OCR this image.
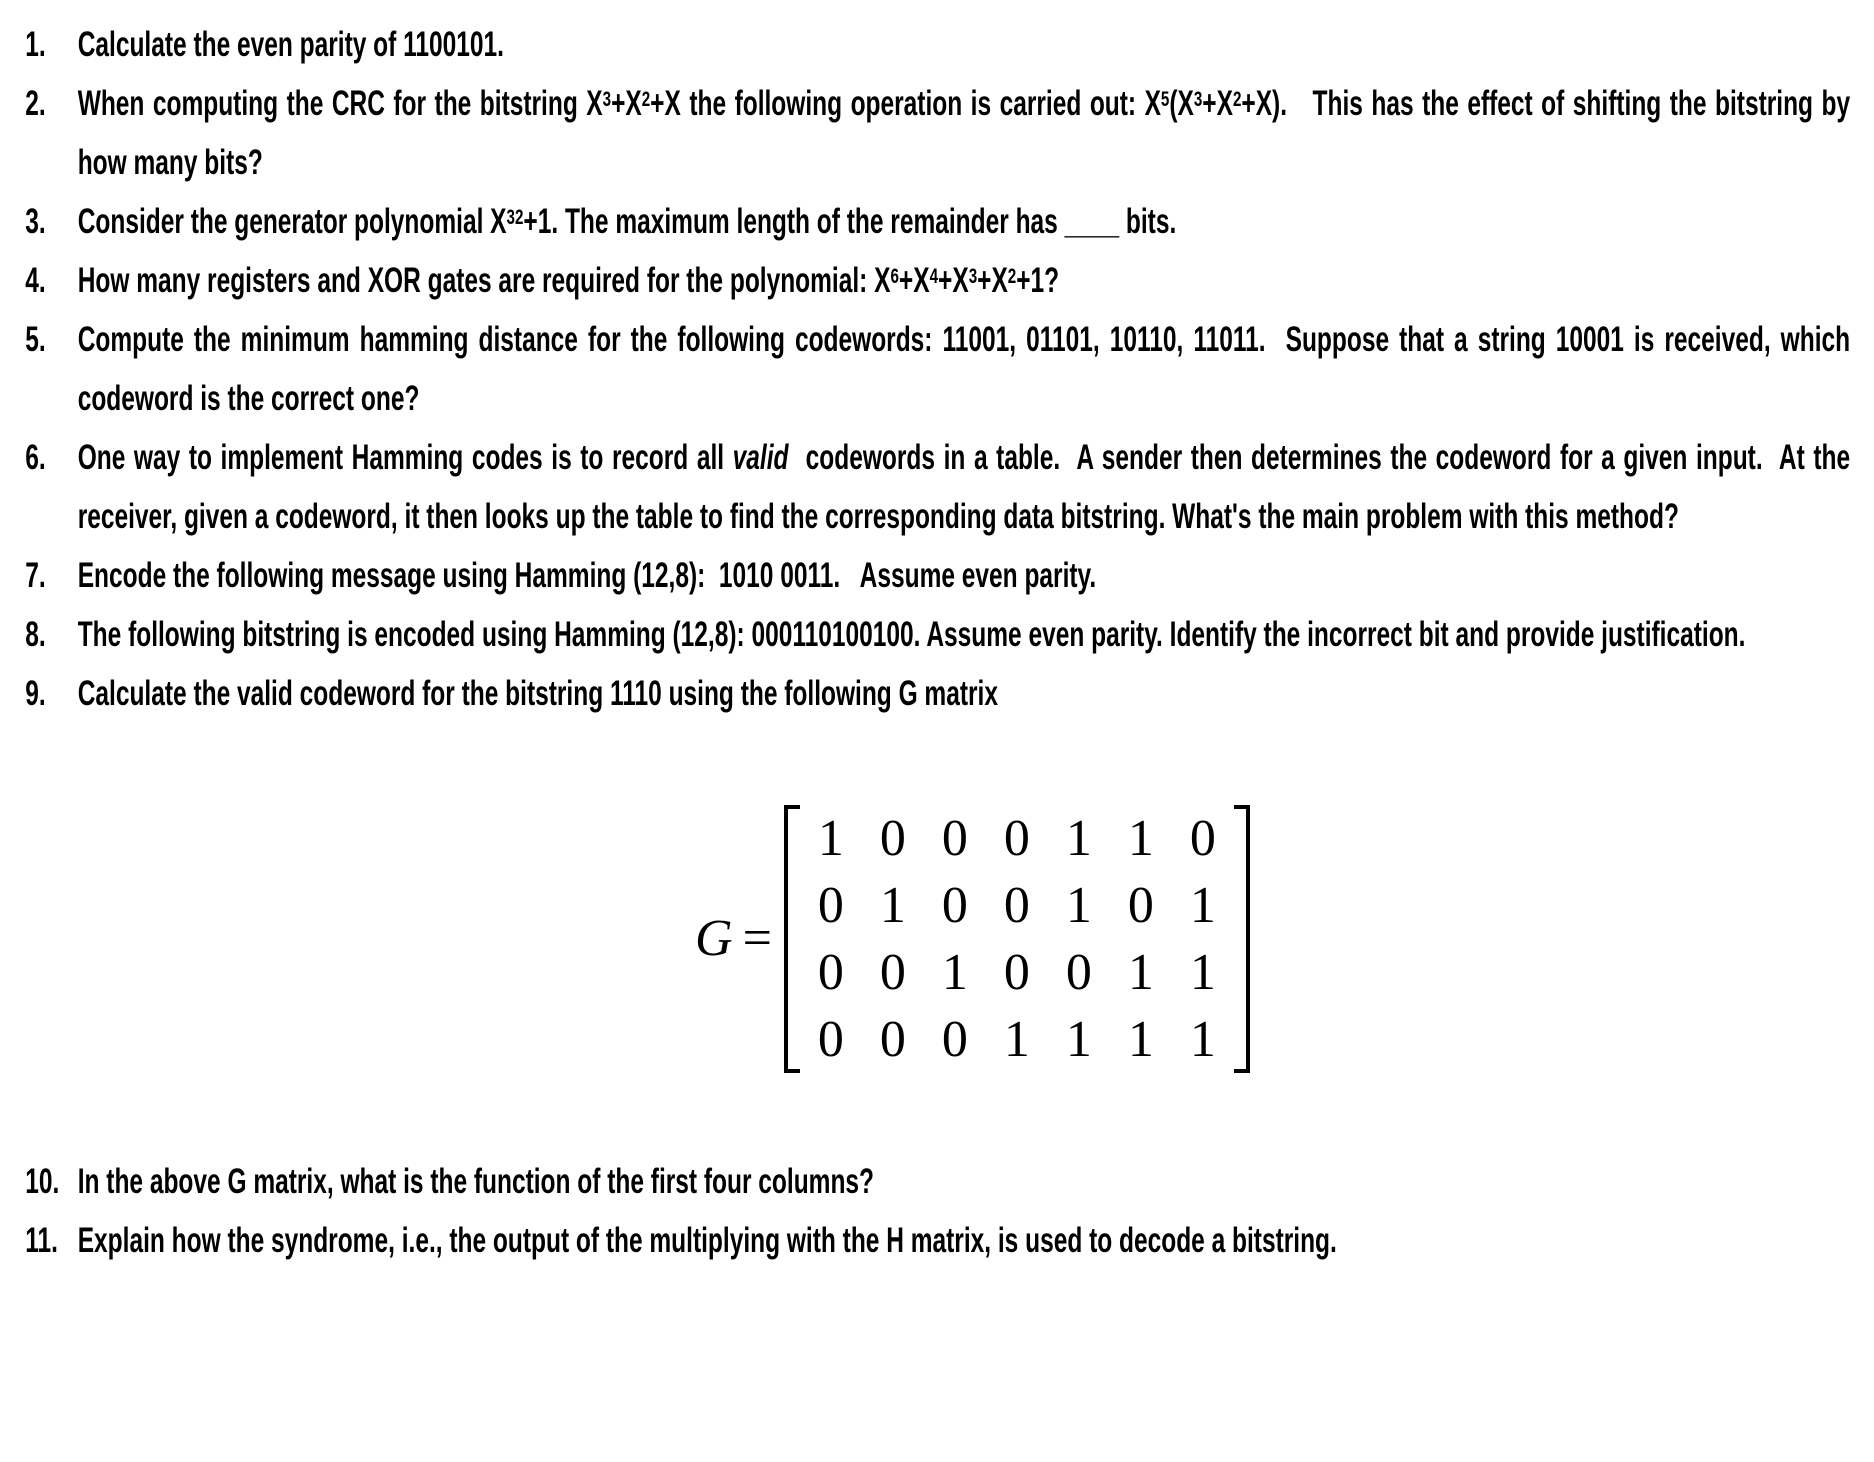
1. Calculate the even parity of 1100101.
2. When computing the CRC for the bitstring $X^3+X^2+X$ the following operation is carried out: $X^5(X^3+X^2+X)$.   This has the effect of shifting the bitstring by how many bits?
3. Consider the generator polynomial $X^{32}+1$. The maximum length of the remainder has ____ bits.
4. How many registers and XOR gates are required for the polynomial: $X^6+X^4+X^3+X^2+1$?
5. Compute the minimum hamming distance for the following codewords: 11001, 01101, 10110, 11011.  Suppose that a string 10001 is received, which codeword is the correct one?
6. One way to implement Hamming codes is to record all valid  codewords in a table.  A sender then determines the codeword for a given input.  At the receiver, given a codeword, it then looks up the table to find the corresponding data bitstring. What's the main problem with this method?
7. Encode the following message using Hamming (12,8):  1010 0011.   Assume even parity.
8. The following bitstring is encoded using Hamming (12,8): 000110100100. Assume even parity. Identify the incorrect bit and provide justification.
9. Calculate the valid codeword for the bitstring 1110 using the following G matrix
G =
1 0 0 0 1 1 0
0 1 0 0 1 0 1
0 0 1 0 0 1 1
0 0 0 1 1 1 1
10. In the above G matrix, what is the function of the first four columns?
11. Explain how the syndrome, i.e., the output of the multiplying with the H matrix, is used to decode a bitstring.
